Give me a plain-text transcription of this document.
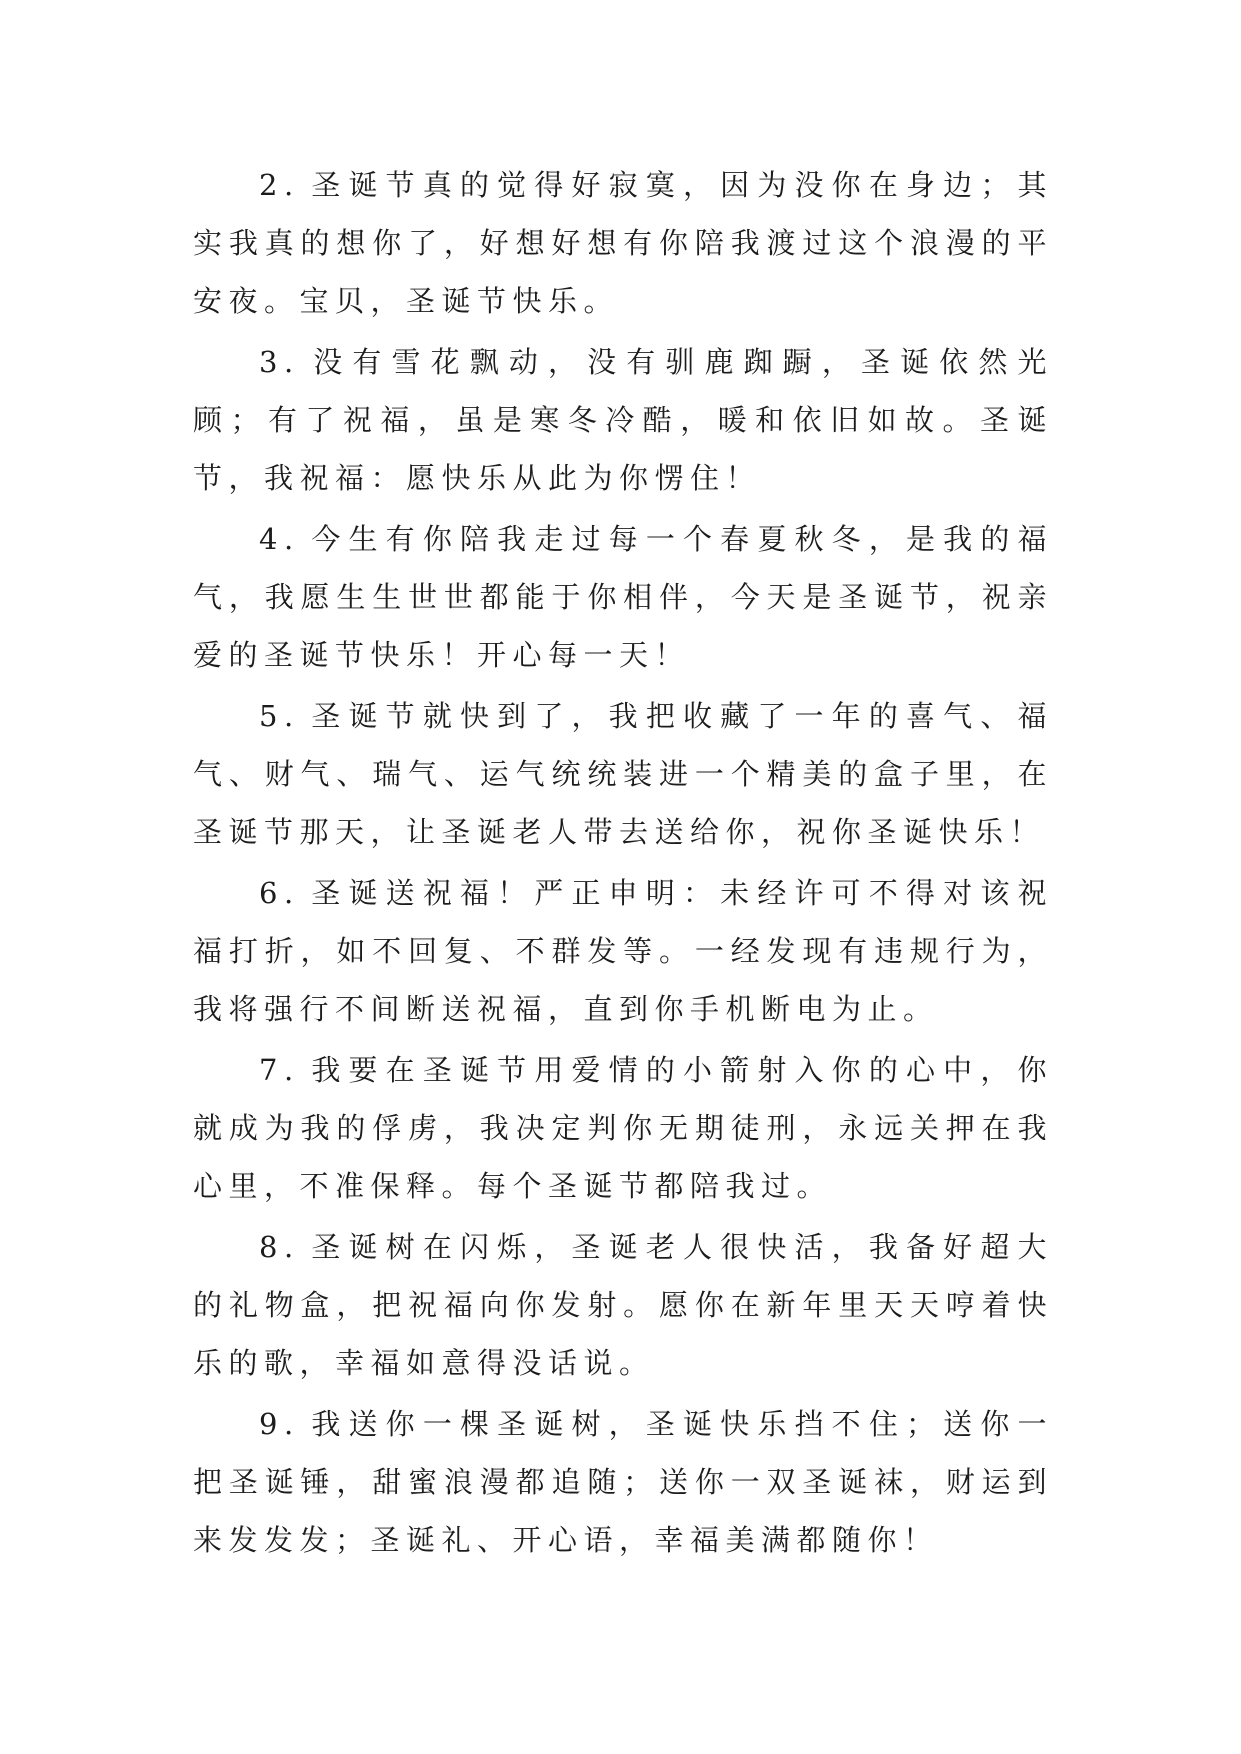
2. 圣诞节真的觉得好寂寞，因为没你在身边；其实我真的想你了，好想好想有你陪我渡过这个浪漫的平安夜。宝贝，圣诞节快乐。

3. 没有雪花飘动，没有驯鹿踟蹰，圣诞依然光顾；有了祝福，虽是寒冬冷酷，暖和依旧如故。圣诞节，我祝福：愿快乐从此为你愣住！

4. 今生有你陪我走过每一个春夏秋冬，是我的福气，我愿生生世世都能于你相伴，今天是圣诞节，祝亲爱的圣诞节快乐！开心每一天！

5. 圣诞节就快到了，我把收藏了一年的喜气、福气、财气、瑞气、运气统统装进一个精美的盒子里，在圣诞节那天，让圣诞老人带去送给你，祝你圣诞快乐！

6. 圣诞送祝福！严正申明：未经许可不得对该祝福打折，如不回复、不群发等。一经发现有违规行为，我将强行不间断送祝福，直到你手机断电为止。

7. 我要在圣诞节用爱情的小箭射入你的心中，你就成为我的俘虏，我决定判你无期徒刑，永远关押在我心里，不准保释。每个圣诞节都陪我过。

8. 圣诞树在闪烁，圣诞老人很快活，我备好超大的礼物盒，把祝福向你发射。愿你在新年里天天哼着快乐的歌，幸福如意得没话说。

9. 我送你一棵圣诞树，圣诞快乐挡不住；送你一把圣诞锤，甜蜜浪漫都追随；送你一双圣诞袜，财运到来发发发；圣诞礼、开心语，幸福美满都随你！
